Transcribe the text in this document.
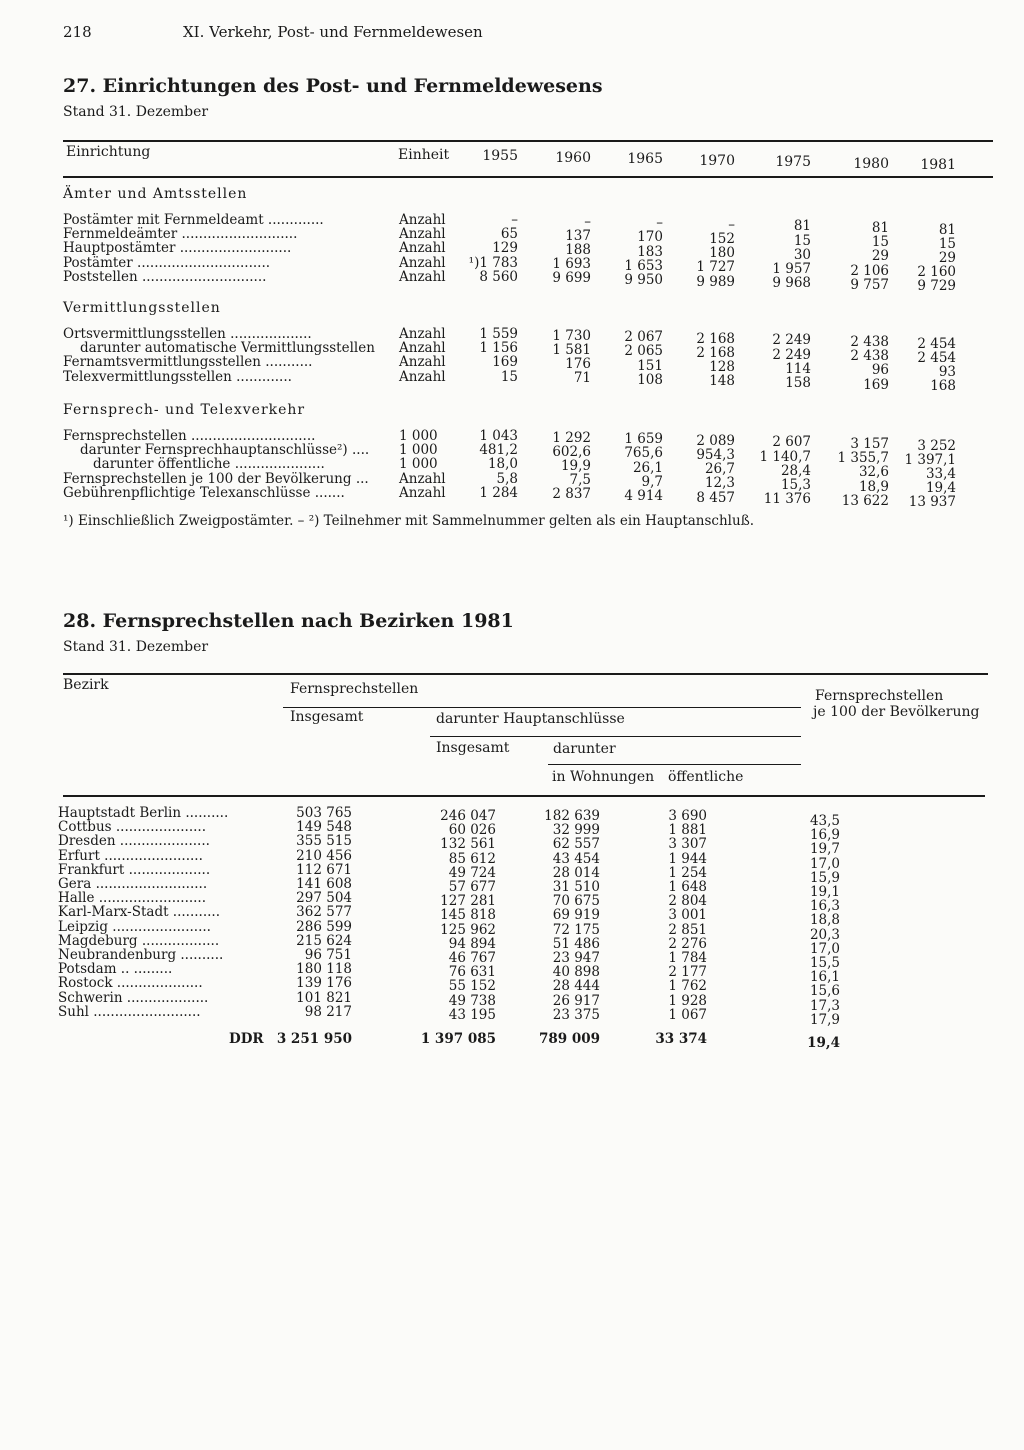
218	XI. Verkehr, Post- und Fernmeldewesen
27. Einrichtungen des Post- und Fernmeldewesens
Stand 31. Dezember
Einrichtung	Einheit	1955	1960	1965	1970	1975	1980	1981
Ämter und Amtsstellen
Postämter mit Fernmeldeamt .............	Anzahl	–	–	–	–	81	81	81
Fernmeldeämter ...........................	Anzahl	65	137	170	152	15	15	15
Hauptpostämter ..........................	Anzahl	129	188	183	180	30	29	29
Postämter ...............................	Anzahl	¹)1 783	1 693	1 653	1 727	1 957	2 106	2 160
Poststellen .............................	Anzahl	8 560	9 699	9 950	9 989	9 968	9 757	9 729
Vermittlungsstellen
Ortsvermittlungsstellen ...................	Anzahl	1 559	1 730	2 067	2 168	2 249	2 438	2 454
darunter automatische Vermittlungsstellen	Anzahl	1 156	1 581	2 065	2 168	2 249	2 438	2 454
Fernamtsvermittlungsstellen ...........	Anzahl	169	176	151	128	114	96	93
Telexvermittlungsstellen .............	Anzahl	15	71	108	148	158	169	168
Fernsprech- und Telexverkehr
Fernsprechstellen .............................	1 000	1 043	1 292	1 659	2 089	2 607	3 157	3 252
darunter Fernsprechhauptanschlüsse²) ....	1 000	481,2	602,6	765,6	954,3	1 140,7	1 355,7	1 397,1
darunter öffentliche .....................	1 000	18,0	19,9	26,1	26,7	28,4	32,6	33,4
Fernsprechstellen je 100 der Bevölkerung ...	Anzahl	5,8	7,5	9,7	12,3	15,3	18,9	19,4
Gebührenpflichtige Telexanschlüsse .......	Anzahl	1 284	2 837	4 914	8 457	11 376	13 622	13 937
¹) Einschließlich Zweigpostämter. – ²) Teilnehmer mit Sammelnummer gelten als ein Hauptanschluß.
28. Fernsprechstellen nach Bezirken 1981
Stand 31. Dezember
Bezirk	Fernsprechstellen
Insgesamt	darunter Hauptanschlüsse
Insgesamt	darunter
in Wohnungen öffentliche
Fernsprechstellen
je 100 der Bevölkerung
Hauptstadt Berlin ..........	503 765	246 047	182 639	3 690	43,5
Cottbus .....................	149 548	60 026	32 999	1 881	16,9
Dresden .....................	355 515	132 561	62 557	3 307	19,7
Erfurt .......................	210 456	85 612	43 454	1 944	17,0
Frankfurt ...................	112 671	49 724	28 014	1 254	15,9
Gera ..........................	141 608	57 677	31 510	1 648	19,1
Halle .........................	297 504	127 281	70 675	2 804	16,3
Karl-Marx-Stadt ...........	362 577	145 818	69 919	3 001	18,8
Leipzig .......................	286 599	125 962	72 175	2 851	20,3
Magdeburg ..................	215 624	94 894	51 486	2 276	17,0
Neubrandenburg ..........	96 751	46 767	23 947	1 784	15,5
Potsdam .. .........	180 118	76 631	40 898	2 177	16,1
Rostock ....................	139 176	55 152	28 444	1 762	15,6
Schwerin ...................	101 821	49 738	26 917	1 928	17,3
Suhl .........................	98 217	43 195	23 375	1 067	17,9
DDR 3 251 950	1 397 085	789 009	33 374	19,4
